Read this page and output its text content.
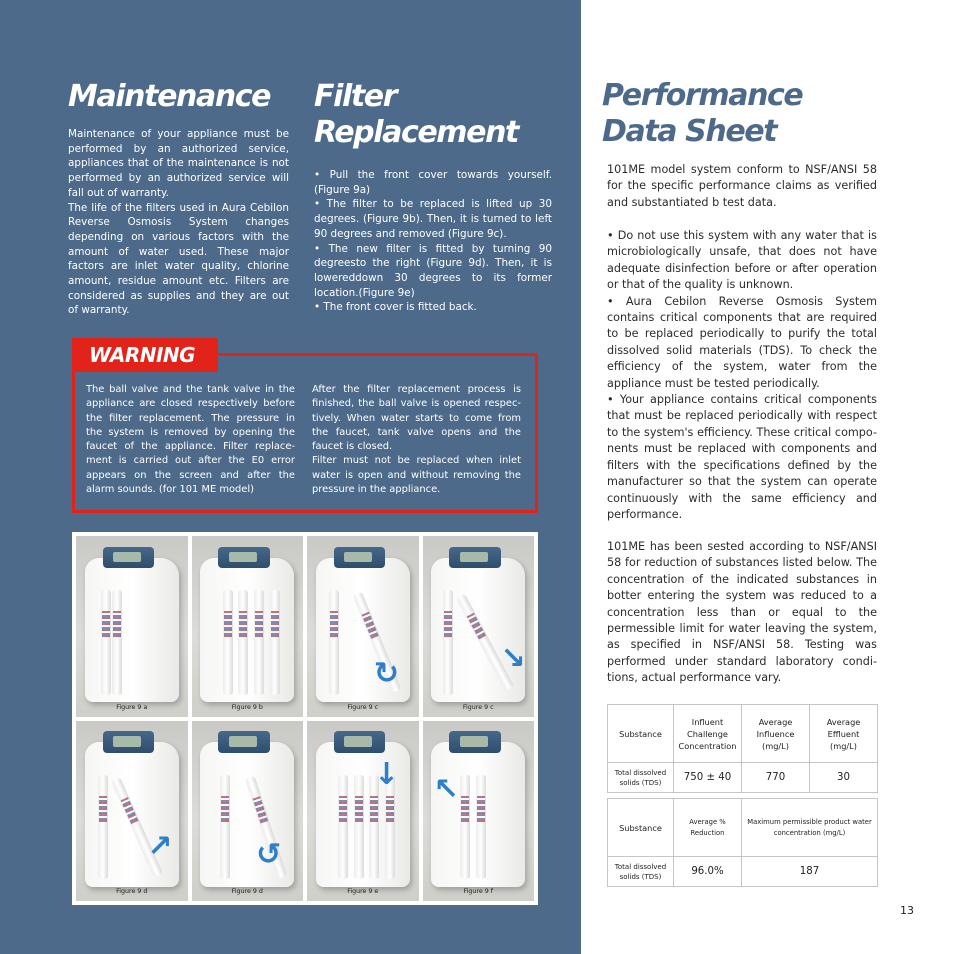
Maintenance

Maintenance of your appliance must be performed by an authorized service, appliances that of the maintenance is not performed by an authorized service will fall out of warranty.

The life of the filters used in Aura Cebilon Reverse Osmosis System changes depending on various factors with the amount of water used. These major factors are inlet water quality, chlorine amount, residue amount etc. Filters are considered as supplies and they are out of warranty.

Filter
Replacement

• Pull the front cover towards yourself. (Figure 9a)

• The filter to be replaced is lifted up 30 degrees. (Figure 9b). Then, it is turned to left 90 degrees and removed (Figure 9c).

• The new filter is fitted by turning 90 degreesto the right (Figure 9d). Then, it is lowereddown 30 degrees to its former location.(Figure 9e)

• The front cover is fitted back.

WARNING

The ball valve and the tank valve in the appliance are closed respectively before the filter replacement. The pressure in the system is removed by opening the faucet of the appliance. Filter replace-ment is carried out after the E0 error appears on the screen and after the alarm sounds. (for 101 ME model)

After the filter replacement process is finished, the ball valve is opened respec-tively. When water starts to come from the faucet, tank valve opens and the faucet is closed.

Filter must not be replaced when inlet water is open and without removing the pressure in the appliance.

Figure 9 a	Figure 9 b
↻
Figure 9 c
↘
Figure 9 c
↗
Figure 9 d
↺
Figure 9 d
↓
Figure 9 e
↖
Figure 9 f
Performance
Data Sheet

101ME model system conform to NSF/ANSI 58 for the specific performance claims as verified and substantiated b test data.

• Do not use this system with any water that is microbiologically unsafe, that does not have adequate disinfection before or after operation or that of the quality is unknown.

• Aura Cebilon Reverse Osmosis System contains critical components that are required to be replaced periodically to purify the total dissolved solid materials (TDS). To check the efficiency of the system, water from the appliance must be tested periodically.

• Your appliance contains critical components that must be replaced periodically with respect to the system's efficiency. These critical compo-nents must be replaced with components and filters with the specifications defined by the manufacturer so that the system can operate continuously with the same efficiency and performance.

101ME has been sested according to NSF/ANSI 58 for reduction of substances listed below. The concentration of the indicated substances in botter entering the system was reduced to a concentration less than or equal to the permessible limit for water leaving the system, as specified in NSF/ANSI 58. Testing was performed under standard laboratory condi-tions, actual performance vary.

Substance	Influent Challenge Concentration	Average Influence (mg/L)	Average Effluent (mg/L)
Total dissolved solids (TDS)	750 ± 40	770	30
Substance	Average % Reduction	Maximum permissible product water concentration (mg/L)
Total dissolved solids (TDS)	96.0%	187
13
